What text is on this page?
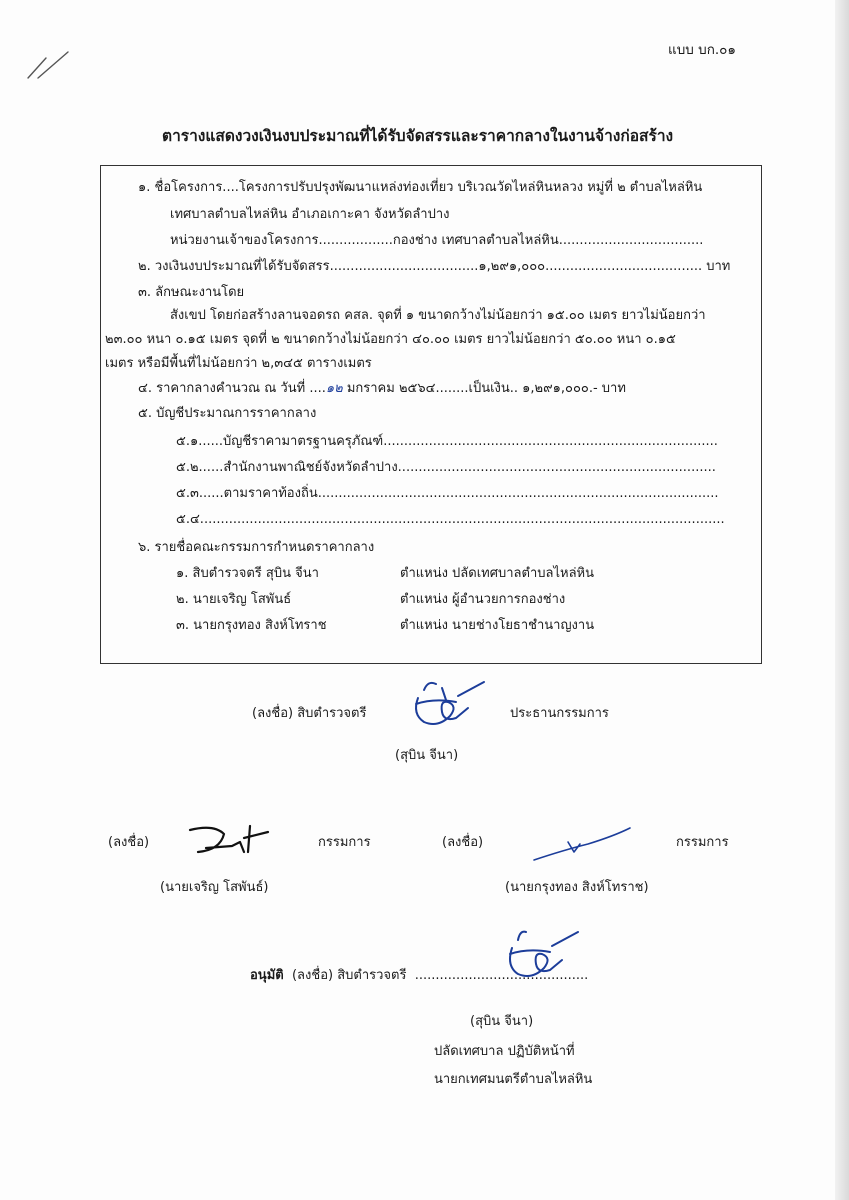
แบบ บก.๐๑
ตารางแสดงวงเงินงบประมาณที่ได้รับจัดสรรและราคากลางในงานจ้างก่อสร้าง
๑. ชื่อโครงการ....โครงการปรับปรุงพัฒนาแหล่งท่องเที่ยว บริเวณวัดไหล่หินหลวง หมู่ที่ ๒ ตำบลไหล่หิน
เทศบาลตำบลไหล่หิน อำเภอเกาะคา จังหวัดลำปาง
หน่วยงานเจ้าของโครงการ..................กองช่าง เทศบาลตำบลไหล่หิน...................................
๒. วงเงินงบประมาณที่ได้รับจัดสรร....................................๑,๒๙๑,๐๐๐...................................... บาท
๓. ลักษณะงานโดย
สังเขป โดยก่อสร้างลานจอดรถ คสล. จุดที่ ๑ ขนาดกว้างไม่น้อยกว่า ๑๕.๐๐ เมตร ยาวไม่น้อยกว่า
๒๓.๐๐ หนา ๐.๑๕ เมตร จุดที่ ๒ ขนาดกว้างไม่น้อยกว่า ๔๐.๐๐ เมตร ยาวไม่น้อยกว่า ๕๐.๐๐ หนา ๐.๑๕
เมตร หรือมีพื้นที่ไม่น้อยกว่า ๒,๓๔๕ ตารางเมตร
๔. ราคากลางคำนวณ ณ วันที่ ....๑๒ มกราคม ๒๕๖๔........เป็นเงิน.. ๑,๒๙๑,๐๐๐.- บาท
๕. บัญชีประมาณการราคากลาง
๕.๑......บัญชีราคามาตรฐานครุภัณฑ์.................................................................................
๕.๒......สำนักงานพาณิชย์จังหวัดลำปาง.............................................................................
๕.๓......ตามราคาท้องถิ่น.................................................................................................
๕.๔...............................................................................................................................
๖. รายชื่อคณะกรรมการกำหนดราคากลาง
๑. สิบตำรวจตรี สุบิน จีนา	ตำแหน่ง ปลัดเทศบาลตำบลไหล่หิน
๒. นายเจริญ โสพันธ์	ตำแหน่ง ผู้อำนวยการกองช่าง
๓. นายกรุงทอง สิงห์โทราช	ตำแหน่ง นายช่างโยธาชำนาญงาน
(ลงชื่อ) สิบตำรวจตรี	ประธานกรรมการ
(สุบิน จีนา)
(ลงชื่อ)	กรรมการ
(นายเจริญ โสพันธ์)
(ลงชื่อ)	กรรมการ
(นายกรุงทอง สิงห์โทราช)
อนุมัติ (ลงชื่อ) สิบตำรวจตรี ..........................................
(สุบิน จีนา)
ปลัดเทศบาล ปฏิบัติหน้าที่
นายกเทศมนตรีตำบลไหล่หิน
